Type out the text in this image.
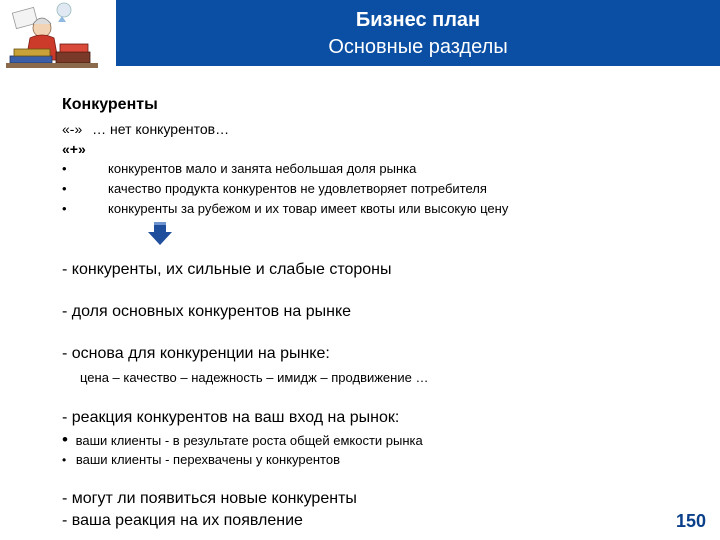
Бизнес план
Основные разделы
Конкуренты
«-» … нет конкурентов…
«+»
•	конкурентов мало и занята небольшая доля рынка
•	качество продукта конкурентов не удовлетворяет потребителя
•	конкуренты за рубежом и их товар имеет квоты или высокую цену
- конкуренты, их сильные и слабые стороны
- доля основных конкурентов на рынке
- основа для конкуренции на рынке:
цена – качество – надежность – имидж – продвижение …
- реакция конкурентов на ваш вход на рынок:
• ваши клиенты - в результате роста общей емкости рынка
• ваши клиенты - перехвачены у конкурентов
- могут ли появиться новые конкуренты
- ваша реакция на их появление	150
